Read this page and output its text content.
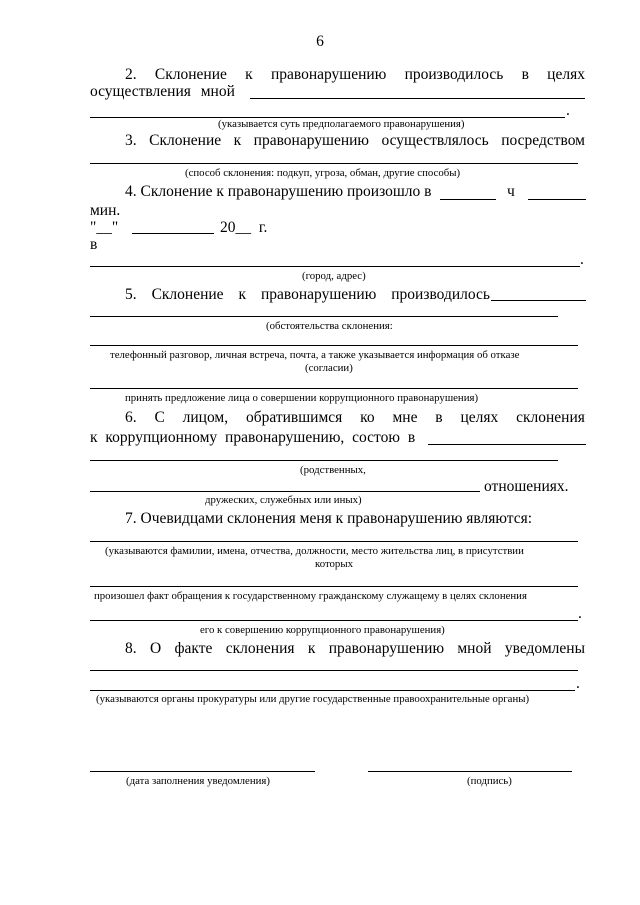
6
2. Склонение к правонарушению производилось в целях
осуществления мной
.
(указывается суть предполагаемого правонарушения)
3. Склонение к правонарушению осуществлялось посредством
(способ склонения: подкуп, угроза, обман, другие способы)
4. Склонение к правонарушению произошло в	ч
мин.
"__"	20__ г.
в
.
(город, адрес)
5. Склонение к правонарушению производилось
(обстоятельства склонения:
телефонный разговор, личная встреча, почта, а также указывается информация об отказе
(согласии)
принять предложение лица о совершении коррупционного правонарушения)
6. С лицом, обратившимся ко мне в целях склонения
к коррупционному правонарушению, состою в
(родственных,
отношениях.
дружеских, служебных или иных)
7. Очевидцами склонения меня к правонарушению являются:
(указываются фамилии, имена, отчества, должности, место жительства лиц, в присутствии
которых
произошел факт обращения к государственному гражданскому служащему в целях склонения
.
его к совершению коррупционного правонарушения)
8. О факте склонения к правонарушению мной уведомлены
.
(указываются органы прокуратуры или другие государственные правоохранительные органы)
(дата заполнения уведомления)	(подпись)
